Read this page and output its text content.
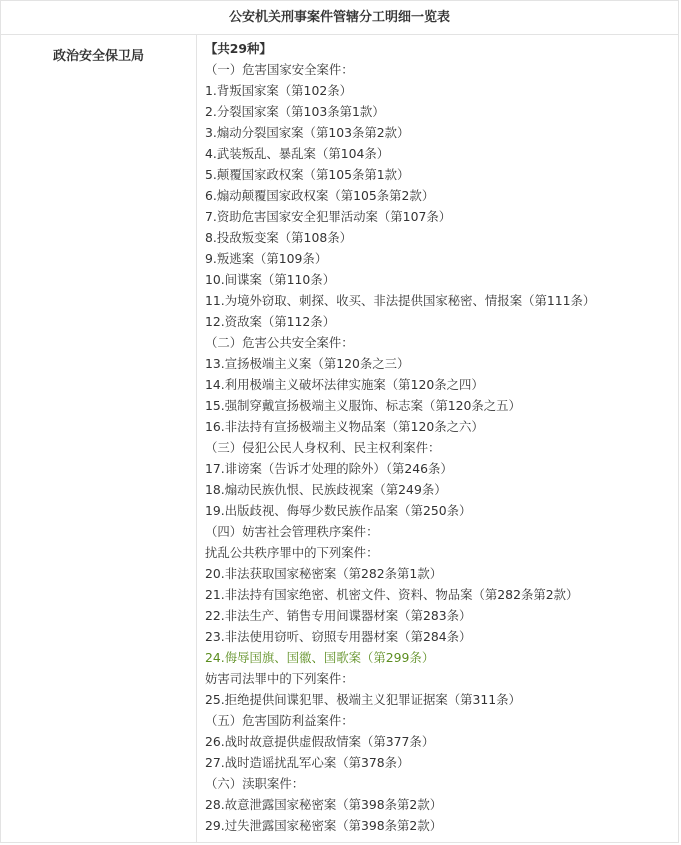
公安机关刑事案件管辖分工明细一览表
政治安全保卫局
【共29种】
（一）危害国家安全案件：
1.背叛国家案（第102条）
2.分裂国家案（第103条第1款）
3.煽动分裂国家案（第103条第2款）
4.武装叛乱、暴乱案（第104条）
5.颠覆国家政权案（第105条第1款）
6.煽动颠覆国家政权案（第105条第2款）
7.资助危害国家安全犯罪活动案（第107条）
8.投敌叛变案（第108条）
9.叛逃案（第109条）
10.间谍案（第110条）
11.为境外窃取、刺探、收买、非法提供国家秘密、情报案（第111条）
12.资敌案（第112条）
（二）危害公共安全案件：
13.宣扬极端主义案（第120条之三）
14.利用极端主义破坏法律实施案（第120条之四）
15.强制穿戴宣扬极端主义服饰、标志案（第120条之五）
16.非法持有宣扬极端主义物品案（第120条之六）
（三）侵犯公民人身权利、民主权利案件：
17.诽谤案（告诉才处理的除外）（第246条）
18.煽动民族仇恨、民族歧视案（第249条）
19.出版歧视、侮辱少数民族作品案（第250条）
（四）妨害社会管理秩序案件：
扰乱公共秩序罪中的下列案件：
20.非法获取国家秘密案（第282条第1款）
21.非法持有国家绝密、机密文件、资料、物品案（第282条第2款）
22.非法生产、销售专用间谍器材案（第283条）
23.非法使用窃听、窃照专用器材案（第284条）
24.侮辱国旗、国徽、国歌案（第299条）
妨害司法罪中的下列案件：
25.拒绝提供间谍犯罪、极端主义犯罪证据案（第311条）
（五）危害国防利益案件：
26.战时故意提供虚假敌情案（第377条）
27.战时造谣扰乱军心案（第378条）
（六）渎职案件：
28.故意泄露国家秘密案（第398条第2款）
29.过失泄露国家秘密案（第398条第2款）
